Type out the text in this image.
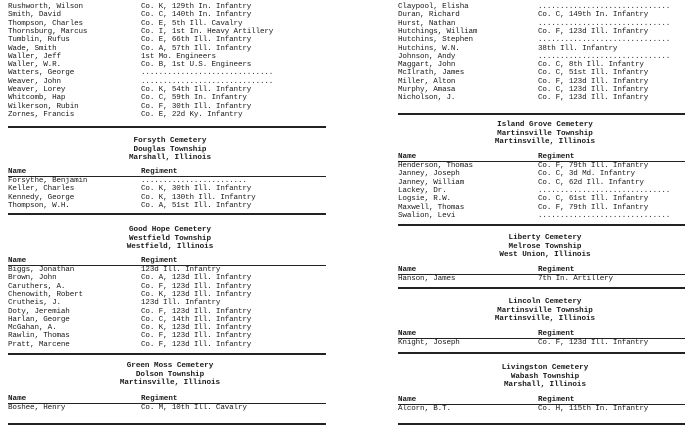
Rushworth, Wilson	Co. K, 129th In. Infantry
Smith, David	Co. C, 140th In. Infantry
Thompson, Charles	Co. E, 5th Ill. Cavalry
Thornsburg, Marcus	Co. I, 1st In. Heavy Artillery
Tumblin, Rufus	Co. E, 66th Ill. Infantry
Wade, Smith	Co. A, 57th Ill. Infantry
Waller, Jeff	1st Mo. Engineers
Waller, W.R.	Co. B, 1st U.S. Engineers
Watters, George	..............................
Weaver, John	..............................
Weaver, Lorey	Co. K, 54th Ill. Infantry
Whitcomb, Hap	Co. C, 59th In. Infantry
Wilkerson, Rubin	Co. F, 30th Ill. Infantry
Zornes, Francis	Co. E, 22d Ky. Infantry
Forsyth Cemetery
Douglas Township
Marshall, Illinois
Name	Regiment
Forsythe, Benjamin	........................
Keller, Charles	Co. K, 30th Ill. Infantry
Kennedy, George	Co. K, 130th Ill. Infantry
Thompson, W.H.	Co. A, 51st Ill. Infantry
Good Hope Cemetery
Westfield Township
Westfield, Illinois
Name	Regiment
Biggs, Jonathan	123d Ill. Infantry
Brown, John	Co. A, 123d Ill. Infantry
Caruthers, A.	Co. F, 123d Ill. Infantry
Chenowith, Robert	Co. K, 123d Ill. Infantry
Crutheis, J.	123d Ill. Infantry
Doty, Jeremiah	Co. F, 123d Ill. Infantry
Harlan, George	Co. C, 14th Ill. Infantry
McGahan, A.	Co. K, 123d Ill. Infantry
Rawlin, Thomas	Co. F, 123d Ill. Infantry
Pratt, Marcene	Co. F, 123d Ill. Infantry
Green Moss Cemetery
Dolson Township
Martinsville, Illinois
Name	Regiment
Boshee, Henry	Co. M, 10th Ill. Cavalry
Claypool, Elisha	..............................
Duran, Richard	Co. C, 149th In. Infantry
Hurst, Nathan	..............................
Hutchings, William	Co. F, 123d Ill. Infantry
Hutchins, Stephen	..............................
Hutchins, W.N.	38th Ill. Infantry
Johnson, Andy	..............................
Maggart, John	Co. C, 8th Ill. Infantry
McIlrath, James	Co. C, 51st Ill. Infantry
Miller, Alton	Co. F, 123d Ill. Infantry
Murphy, Amasa	Co. C, 123d Ill. Infantry
Nicholson, J.	Co. F, 123d Ill. Infantry
Island Grove Cemetery
Martinsville Township
Martinsville, Illinois
Name	Regiment
Henderson, Thomas	Co. F, 79th Ill. Infantry
Janney, Joseph	Co. C, 3d Md. Infantry
Janney, William	Co. C, 62d Ill. Infantry
Lackey, Dr.	..............................
Logsie, R.W.	Co. C, 61st Ill. Infantry
Maxwell, Thomas	Co. F, 79th Ill. Infantry
Swalion, Levi	..............................
Liberty Cemetery
Melrose Township
West Union, Illinois
Name	Regiment
Hanson, James	7th In. Artillery
Lincoln Cemetery
Martinsville Township
Martinsville, Illinois
Name	Regiment
Knight, Joseph	Co. F, 123d Ill. Infantry
Livingston Cemetery
Wabash Township
Marshall, Illinois
Name	Regiment
Alcorn, B.T.	Co. H, 115th In. Infantry
